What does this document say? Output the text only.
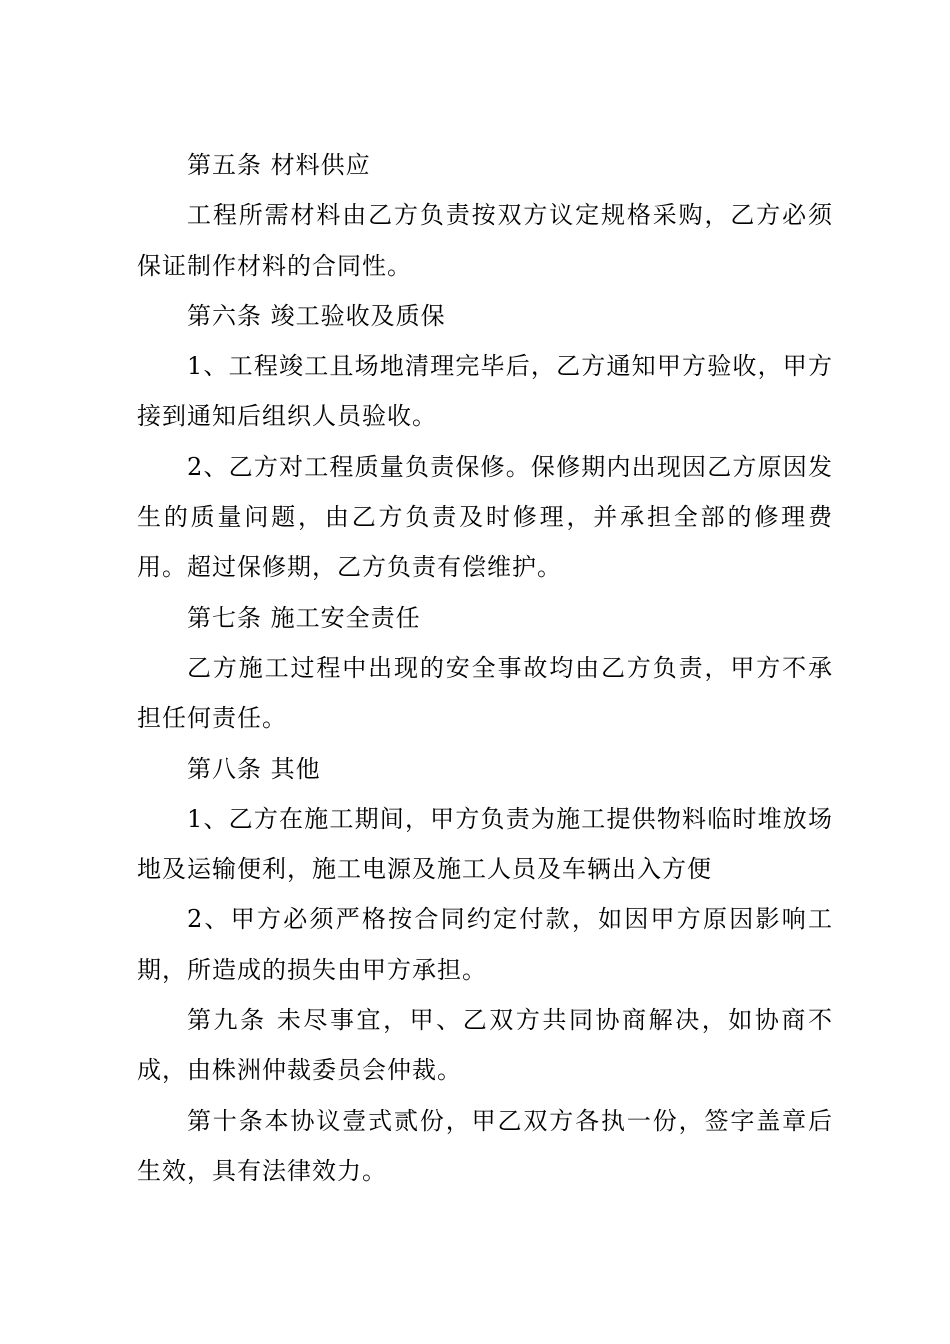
第五条 材料供应

工程所需材料由乙方负责按双方议定规格采购，乙方必须保证制作材料的合同性。

第六条 竣工验收及质保

1、工程竣工且场地清理完毕后，乙方通知甲方验收，甲方接到通知后组织人员验收。

2、乙方对工程质量负责保修。保修期内出现因乙方原因发生的质量问题，由乙方负责及时修理，并承担全部的修理费用。超过保修期，乙方负责有偿维护。

第七条 施工安全责任

乙方施工过程中出现的安全事故均由乙方负责，甲方不承担任何责任。

第八条 其他

1、乙方在施工期间，甲方负责为施工提供物料临时堆放场地及运输便利，施工电源及施工人员及车辆出入方便

2、甲方必须严格按合同约定付款，如因甲方原因影响工期，所造成的损失由甲方承担。

第九条 未尽事宜，甲、乙双方共同协商解决，如协商不成，由株洲仲裁委员会仲裁。

第十条本协议壹式贰份，甲乙双方各执一份，签字盖章后生效，具有法律效力。
